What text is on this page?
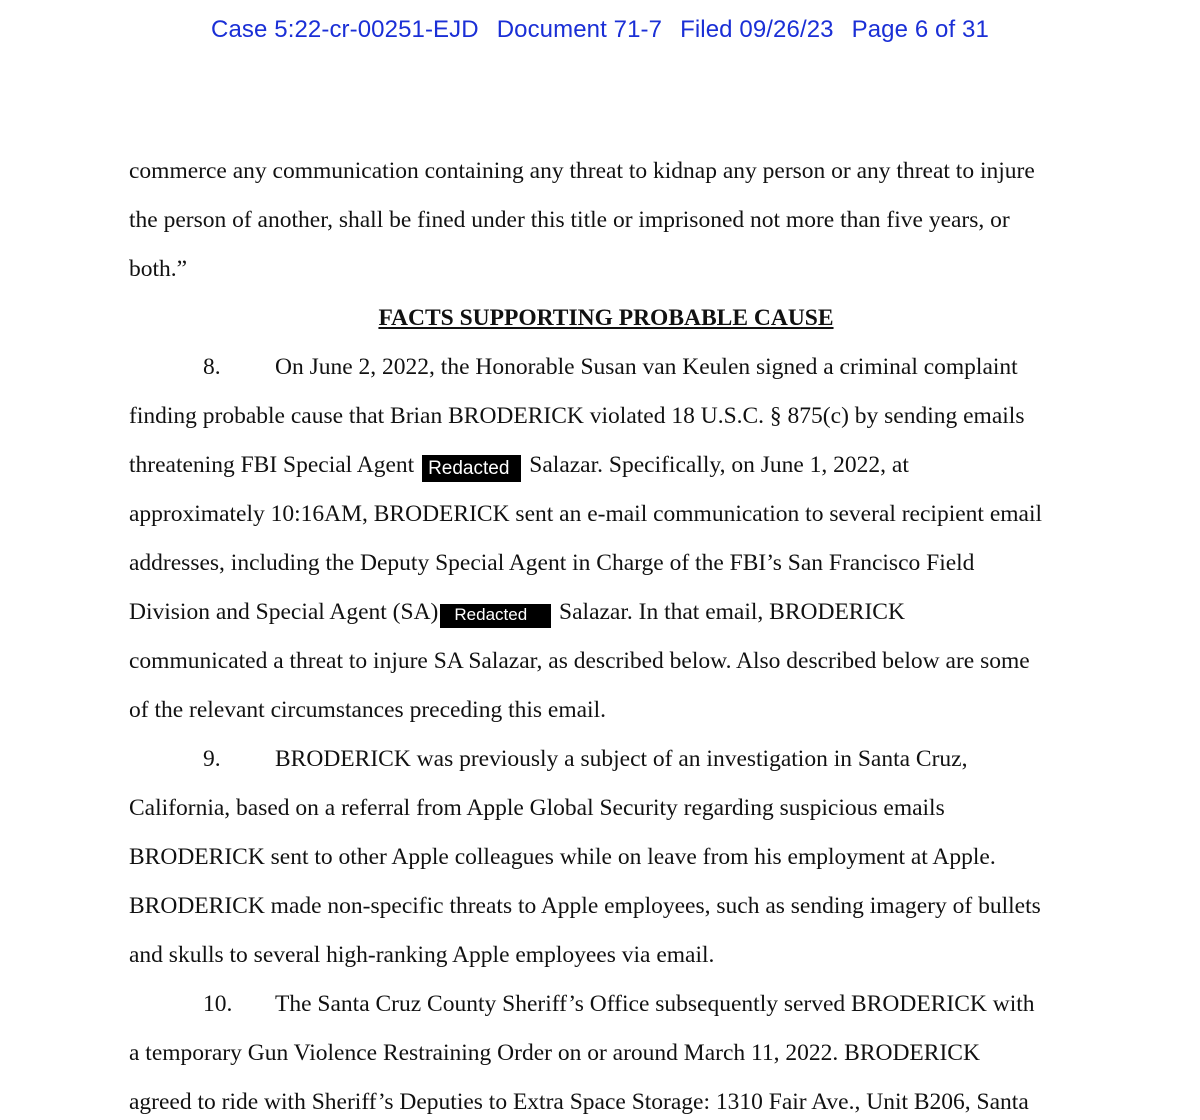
Case 5:22-cr-00251-EJD Document 71-7 Filed 09/26/23 Page 6 of 31
commerce any communication containing any threat to kidnap any person or any threat to injure
the person of another, shall be fined under this title or imprisoned not more than five years, or
both.”
FACTS SUPPORTING PROBABLE CAUSE
8. On June 2, 2022, the Honorable Susan van Keulen signed a criminal complaint
finding probable cause that Brian BRODERICK violated 18 U.S.C. § 875(c) by sending emails
threatening FBI Special Agent Redacted Salazar. Specifically, on June 1, 2022, at
approximately 10:16AM, BRODERICK sent an e-mail communication to several recipient email
addresses, including the Deputy Special Agent in Charge of the FBI’s San Francisco Field
Division and Special Agent (SA) Redacted Salazar. In that email, BRODERICK
communicated a threat to injure SA Salazar, as described below. Also described below are some
of the relevant circumstances preceding this email.
9. BRODERICK was previously a subject of an investigation in Santa Cruz,
California, based on a referral from Apple Global Security regarding suspicious emails
BRODERICK sent to other Apple colleagues while on leave from his employment at Apple.
BRODERICK made non-specific threats to Apple employees, such as sending imagery of bullets
and skulls to several high-ranking Apple employees via email.
10. The Santa Cruz County Sheriff’s Office subsequently served BRODERICK with
a temporary Gun Violence Restraining Order on or around March 11, 2022. BRODERICK
agreed to ride with Sheriff’s Deputies to Extra Space Storage: 1310 Fair Ave., Unit B206, Santa
